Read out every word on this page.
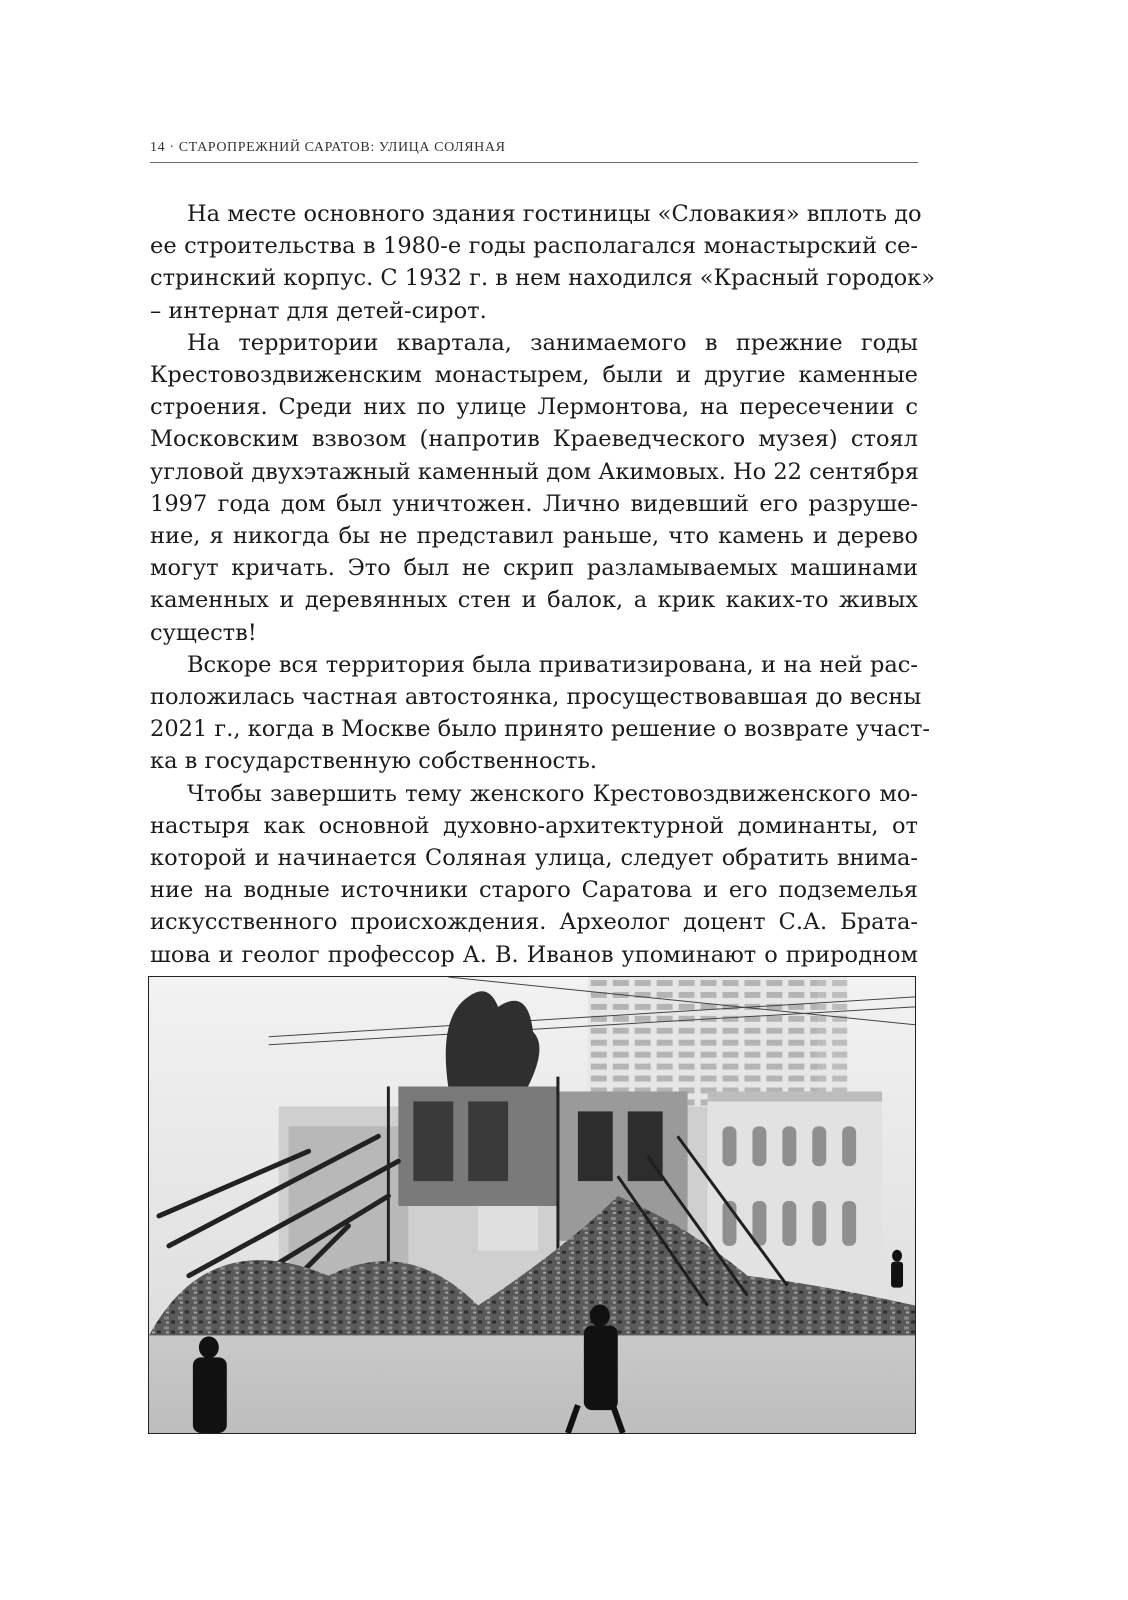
14 · СТАРОПРЕЖНИЙ САРАТОВ: УЛИЦА СОЛЯНАЯ

На месте основного здания гостиницы «Словакия» вплоть до
ее строительства в 1980-е годы располагался монастырский се-
стринский корпус. С 1932 г. в нем находился «Красный городок»
– интернат для детей-сирот.

На территории квартала, занимаемого в прежние годы
Крестовоздвиженским монастырем, были и другие каменные
строения. Среди них по улице Лермонтова, на пересечении с
Московским взвозом (напротив Краеведческого музея) стоял
угловой двухэтажный каменный дом Акимовых. Но 22 сентября
1997 года дом был уничтожен. Лично видевший его разруше-
ние, я никогда бы не представил раньше, что камень и дерево
могут кричать. Это был не скрип разламываемых машинами
каменных и деревянных стен и балок, а крик каких-то живых
существ!

Вскоре вся территория была приватизирована, и на ней рас-
положилась частная автостоянка, просуществовавшая до весны
2021 г., когда в Москве было принято решение о возврате участ-
ка в государственную собственность.

Чтобы завершить тему женского Крестовоздвиженского мо-
настыря как основной духовно-архитектурной доминанты, от
которой и начинается Соляная улица, следует обратить внима-
ние на водные источники старого Саратова и его подземелья
искусственного происхождения. Археолог доцент С.А. Брата-
шова и геолог профессор А. В. Иванов упоминают о природном
